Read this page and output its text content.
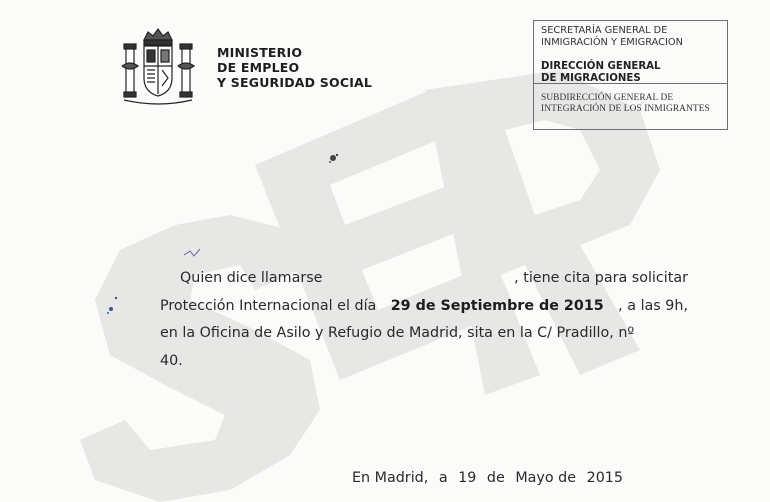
MINISTERIO
DE EMPLEO
Y SEGURIDAD SOCIAL
SECRETARÍA GENERAL DE
INMIGRACIÓN Y EMIGRACION
DIRECCIÓN GENERAL
DE MIGRACIONES
SUBDIRECCIÓN GENERAL DE
INTEGRACIÓN DE LOS INMIGRANTES
Quien dice llamarse	, tiene cita para solicitar
Protección Internacional el día 29 de Septiembre de 2015 , a las 9h,
en la Oficina de Asilo y Refugio de Madrid, sita en la C/ Pradillo, nº
40.
En Madrid, a 19 de Mayo de 2015
